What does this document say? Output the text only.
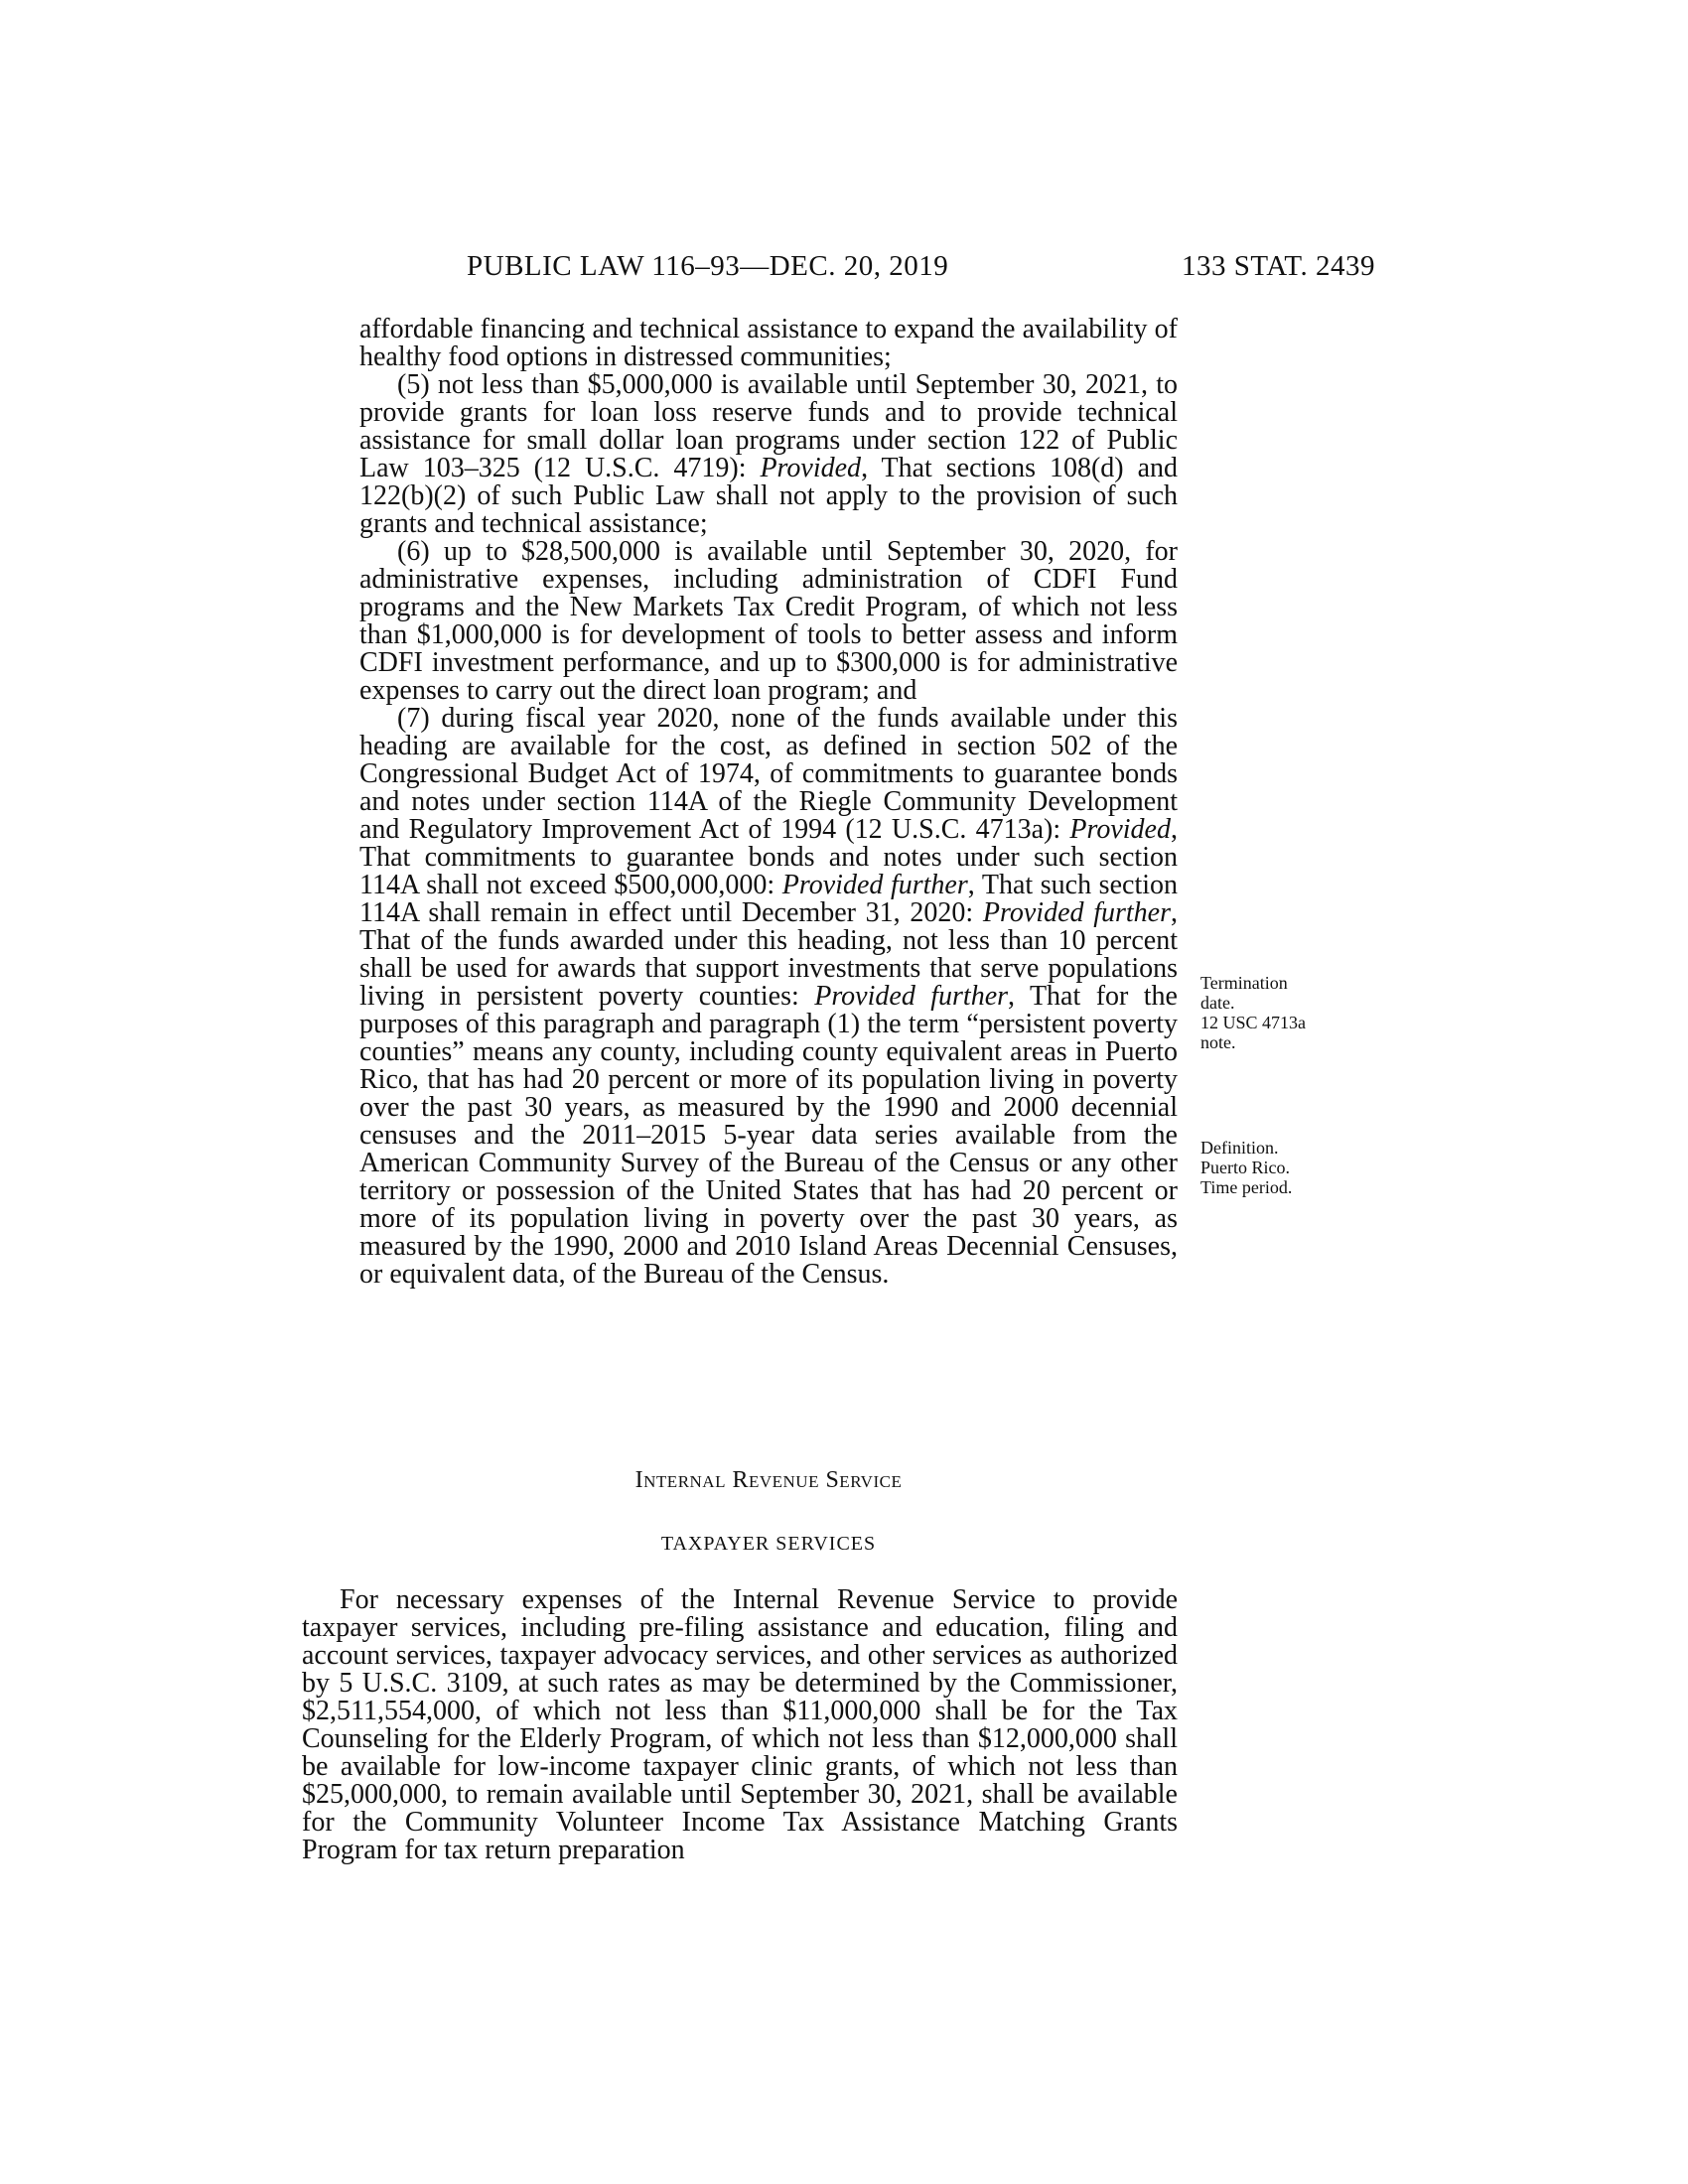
PUBLIC LAW 116–93—DEC. 20, 2019	133 STAT. 2439

affordable financing and technical assistance to expand the availability of healthy food options in distressed communities;

(5) not less than $5,000,000 is available until September 30, 2021, to provide grants for loan loss reserve funds and to provide technical assistance for small dollar loan programs under section 122 of Public Law 103–325 (12 U.S.C. 4719): Provided, That sections 108(d) and 122(b)(2) of such Public Law shall not apply to the provision of such grants and technical assistance;

(6) up to $28,500,000 is available until September 30, 2020, for administrative expenses, including administration of CDFI Fund programs and the New Markets Tax Credit Program, of which not less than $1,000,000 is for development of tools to better assess and inform CDFI investment performance, and up to $300,000 is for administrative expenses to carry out the direct loan program; and

(7) during fiscal year 2020, none of the funds available under this heading are available for the cost, as defined in section 502 of the Congressional Budget Act of 1974, of commitments to guarantee bonds and notes under section 114A of the Riegle Community Development and Regulatory Improvement Act of 1994 (12 U.S.C. 4713a): Provided, That commitments to guarantee bonds and notes under such section 114A shall not exceed $500,000,000: Provided further, That such section 114A shall remain in effect until December 31, 2020: Provided further, That of the funds awarded under this heading, not less than 10 percent shall be used for awards that support investments that serve populations living in persistent poverty counties: Provided further, That for the purposes of this paragraph and paragraph (1) the term “persistent poverty counties” means any county, including county equivalent areas in Puerto Rico, that has had 20 percent or more of its population living in poverty over the past 30 years, as measured by the 1990 and 2000 decennial censuses and the 2011–2015 5-year data series available from the American Community Survey of the Bureau of the Census or any other territory or possession of the United States that has had 20 percent or more of its population living in poverty over the past 30 years, as measured by the 1990, 2000 and 2010 Island Areas Decennial Censuses, or equivalent data, of the Bureau of the Census.

Termination
date.
12 USC 4713a
note.
Definition.
Puerto Rico.
Time period.
Internal Revenue Service
TAXPAYER SERVICES

For necessary expenses of the Internal Revenue Service to provide taxpayer services, including pre-filing assistance and education, filing and account services, taxpayer advocacy services, and other services as authorized by 5 U.S.C. 3109, at such rates as may be determined by the Commissioner, $2,511,554,000, of which not less than $11,000,000 shall be for the Tax Counseling for the Elderly Program, of which not less than $12,000,000 shall be available for low-income taxpayer clinic grants, of which not less than $25,000,000, to remain available until September 30, 2021, shall be available for the Community Volunteer Income Tax Assistance Matching Grants Program for tax return preparation
